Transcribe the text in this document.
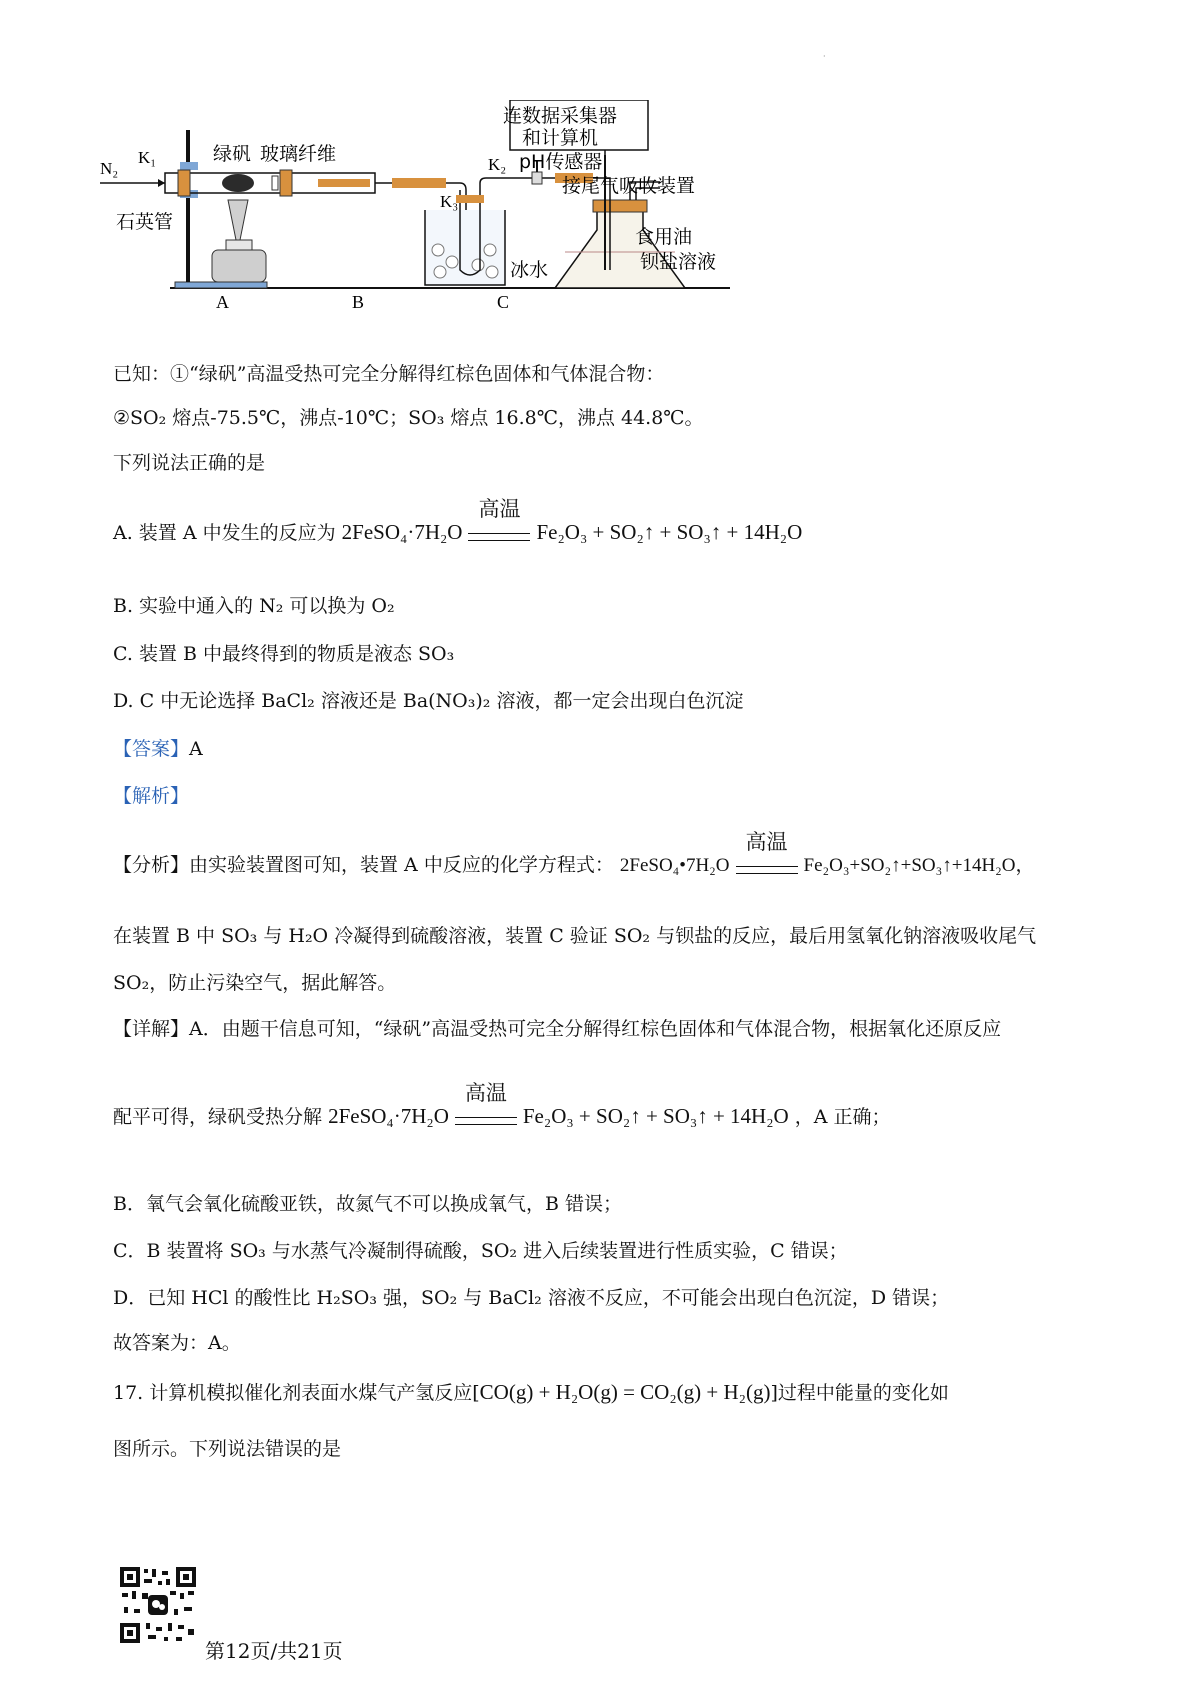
·
连数据采集器
和计算机
N₂
K₁	绿矾 玻璃纤维	K₂
K₃
pH传感器
接尾气吸收装置
石英管
食用油
钡盐溶液
冰水
A	B	C
已知：①“绿矾”高温受热可完全分解得红棕色固体和气体混合物：
②SO₂ 熔点-75.5℃，沸点-10℃；SO₃ 熔点 16.8℃，沸点 44.8℃。
下列说法正确的是
A. 装置 A 中发生的反应为 2FeSO₄·7H₂O
高温
Fe₂O₃ + SO₂↑ + SO₃↑ + 14H₂O
B. 实验中通入的 N₂ 可以换为 O₂
C. 装置 B 中最终得到的物质是液态 SO₃
D. C 中无论选择 BaCl₂ 溶液还是 Ba(NO₃)₂ 溶液，都一定会出现白色沉淀
【答案】A
【解析】
【分析】由实验装置图可知，装置 A 中反应的化学方程式： 2FeSO₄•7H₂O
高温
Fe₂O₃+SO₂↑+SO₃↑+14H₂O，
在装置 B 中 SO₃ 与 H₂O 冷凝得到硫酸溶液，装置 C 验证 SO₂ 与钡盐的反应，最后用氢氧化钠溶液吸收尾气
SO₂，防止污染空气，据此解答。
【详解】A．由题干信息可知，“绿矾”高温受热可完全分解得红棕色固体和气体混合物，根据氧化还原反应
配平可得，绿矾受热分解 2FeSO₄·7H₂O
高温
Fe₂O₃ + SO₂↑ + SO₃↑ + 14H₂O ，A 正确；
B．氧气会氧化硫酸亚铁，故氮气不可以换成氧气，B 错误；
C．B 装置将 SO₃ 与水蒸气冷凝制得硫酸，SO₂ 进入后续装置进行性质实验，C 错误；
D．已知 HCl 的酸性比 H₂SO₃ 强，SO₂ 与 BaCl₂ 溶液不反应，不可能会出现白色沉淀，D 错误；
故答案为：A。
17. 计算机模拟催化剂表面水煤气产氢反应[CO(g) + H₂O(g) = CO₂(g) + H₂(g)]过程中能量的变化如
图所示。下列说法错误的是
第12页/共21页
